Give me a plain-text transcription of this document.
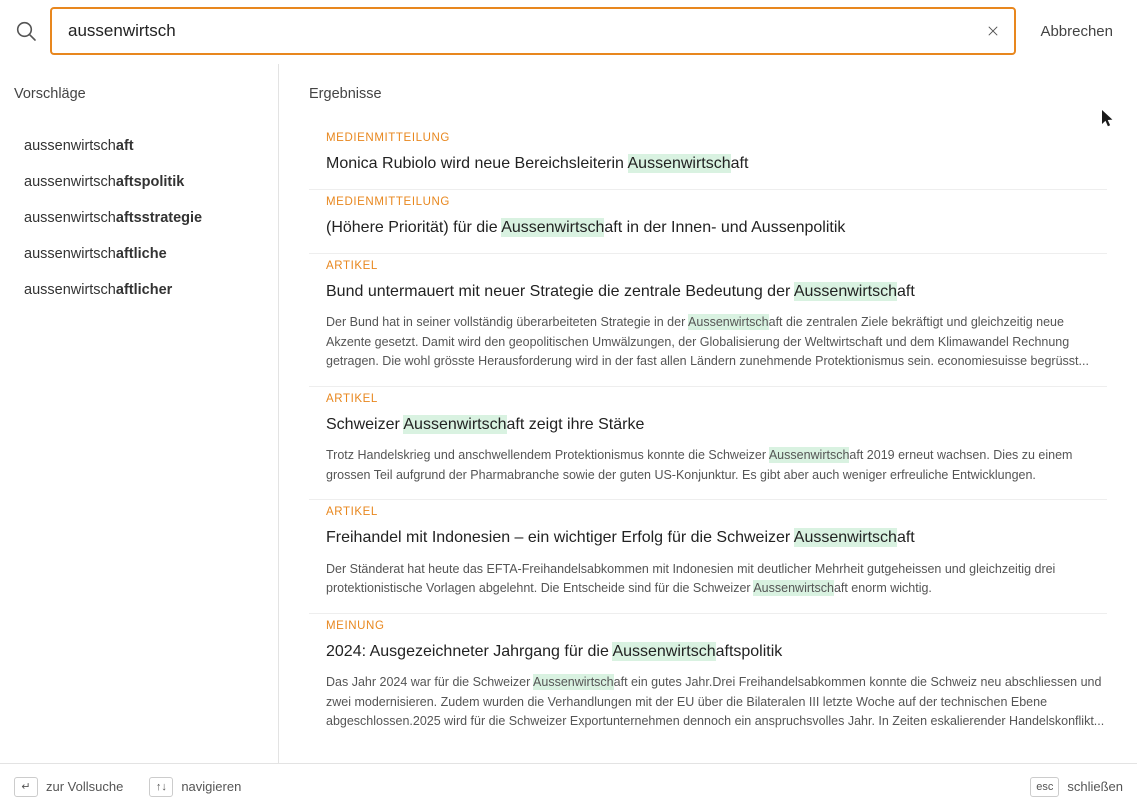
aussenwirtsch
Abbrechen
Vorschläge
aussenwirtschaft
aussenwirtschaftspolitik
aussenwirtschaftsstrategie
aussenwirtschaftliche
aussenwirtschaftlicher
Ergebnisse
MEDIENMITTEILUNG
Monica Rubiolo wird neue Bereichsleiterin Aussenwirtschaft
MEDIENMITTEILUNG
(Höhere Priorität) für die Aussenwirtschaft in der Innen- und Aussenpolitik
ARTIKEL
Bund untermauert mit neuer Strategie die zentrale Bedeutung der Aussenwirtschaft
Der Bund hat in seiner vollständig überarbeiteten Strategie in der Aussenwirtschaft die zentralen Ziele bekräftigt und gleichzeitig neue Akzente gesetzt. Damit wird den geopolitischen Umwälzungen, der Globalisierung der Weltwirtschaft und dem Klimawandel Rechnung getragen. Die wohl grösste Herausforderung wird in der fast allen Ländern zunehmende Protektionismus sein. economiesuisse begrüsst...
ARTIKEL
Schweizer Aussenwirtschaft zeigt ihre Stärke
Trotz Handelskrieg und anschwellendem Protektionismus konnte die Schweizer Aussenwirtschaft 2019 erneut wachsen. Dies zu einem grossen Teil aufgrund der Pharmabranche sowie der guten US-Konjunktur. Es gibt aber auch weniger erfreuliche Entwicklungen.
ARTIKEL
Freihandel mit Indonesien – ein wichtiger Erfolg für die Schweizer Aussenwirtschaft
Der Ständerat hat heute das EFTA-Freihandelsabkommen mit Indonesien mit deutlicher Mehrheit gutgeheissen und gleichzeitig drei protektionistische Vorlagen abgelehnt. Die Entscheide sind für die Schweizer Aussenwirtschaft enorm wichtig.
MEINUNG
2024: Ausgezeichneter Jahrgang für die Aussenwirtschaftspolitik
Das Jahr 2024 war für die Schweizer Aussenwirtschaft ein gutes Jahr.Drei Freihandelsabkommen konnte die Schweiz neu abschliessen und zwei modernisieren. Zudem wurden die Verhandlungen mit der EU über die Bilateralen III letzte Woche auf der technischen Ebene abgeschlossen.2025 wird für die Schweizer Exportunternehmen dennoch ein anspruchsvolles Jahr. In Zeiten eskalierender Handelskonflikt...
↵	zur Vollsuche	↑↓	navigieren	esc	schließen
